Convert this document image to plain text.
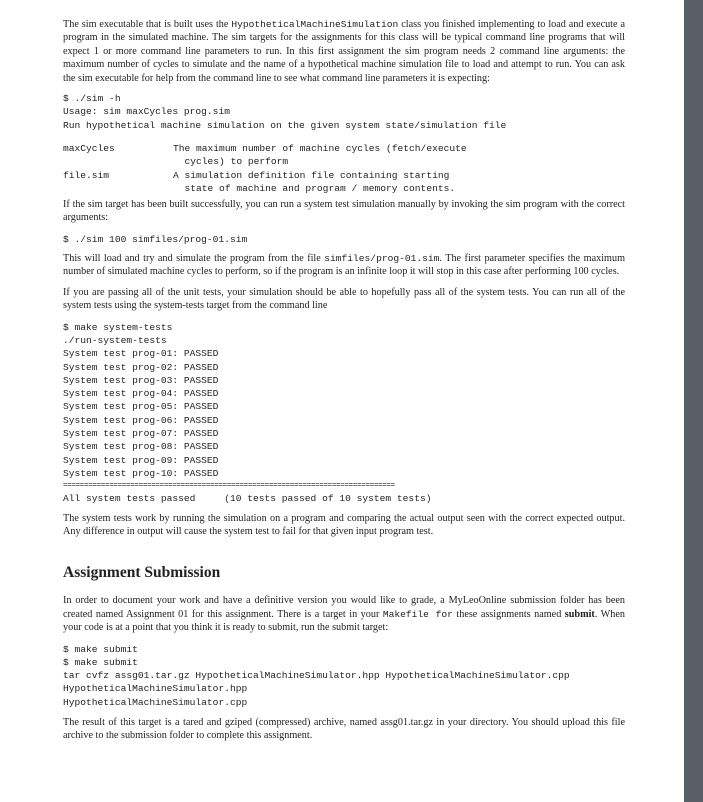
The sim executable that is built uses the HypotheticalMachineSimulation class you finished implementing to load and execute a program in the simulated machine. The sim targets for the assignments for this class will be typical command line programs that will expect 1 or more command line parameters to run. In this first assignment the sim program needs 2 command line arguments: the maximum number of cycles to simulate and the name of a hypothetical machine simulation file to load and attempt to run. You can ask the sim executable for help from the command line to see what command line parameters it is expecting:

$ ./sim -h
Usage: sim maxCycles prog.sim
Run hypothetical machine simulation on the given system state/simulation file
maxCycles	The maximum number of machine cycles (fetch/execute
cycles) to perform
file.sim	A simulation definition file containing starting
state of machine and program / memory contents.

If the sim target has been built successfully, you can run a system test simulation manually by invoking the sim program with the correct arguments:

$ ./sim 100 simfiles/prog-01.sim

This will load and try and simulate the program from the file simfiles/prog-01.sim. The first parameter specifies the maximum number of simulated machine cycles to perform, so if the program is an infinite loop it will stop in this case after performing 100 cycles.

If you are passing all of the unit tests, your simulation should be able to hopefully pass all of the system tests. You can run all of the system tests using the system-tests target from the command line

$ make system-tests
./run-system-tests
System test prog-01: PASSED
System test prog-02: PASSED
System test prog-03: PASSED
System test prog-04: PASSED
System test prog-05: PASSED
System test prog-06: PASSED
System test prog-07: PASSED
System test prog-08: PASSED
System test prog-09: PASSED
System test prog-10: PASSED
===============================================================================
All system tests passed     (10 tests passed of 10 system tests)

The system tests work by running the simulation on a program and comparing the actual output seen with the correct expected output. Any difference in output will cause the system test to fail for that given input program test.

Assignment Submission

In order to document your work and have a definitive version you would like to grade, a MyLeoOnline submission folder has been created named Assignment 01 for this assignment. There is a target in your Makefile for these assignments named submit. When your code is at a point that you think it is ready to submit, run the submit target:

$ make submit
$ make submit
tar cvfz assg01.tar.gz HypotheticalMachineSimulator.hpp HypotheticalMachineSimulator.cpp
HypotheticalMachineSimulator.hpp
HypotheticalMachineSimulator.cpp

The result of this target is a tared and gziped (compressed) archive, named assg01.tar.gz in your directory. You should upload this file archive to the submission folder to complete this assignment.
